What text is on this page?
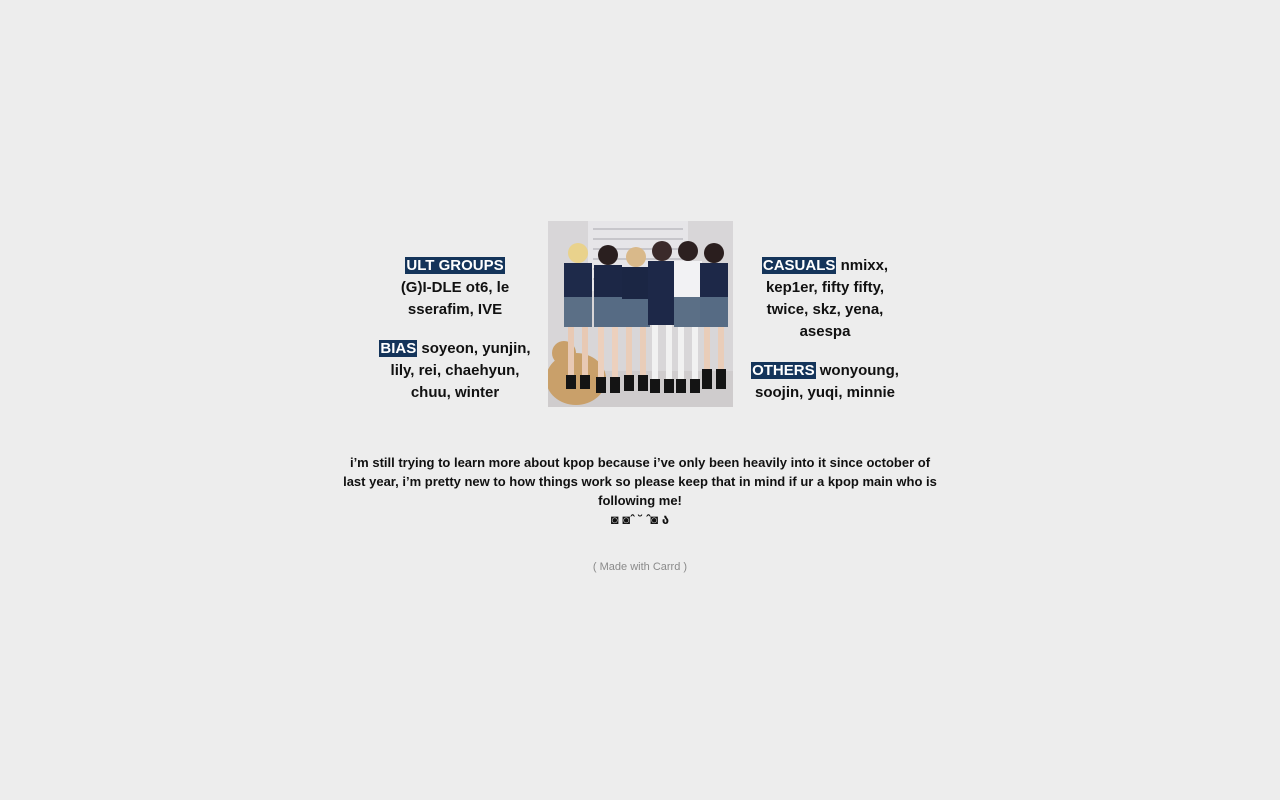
ULT GROUPS
(G)I-DLE ot6, le sserafim, IVE

BIAS soyeon, yunjin, lily, rei, chaehyun, chuu, winter

CASUALS nmixx, kep1er, fifty fifty, twice, skz, yena, asespa

OTHERS wonyoung, soojin, yuqi, minnie

i’m still trying to learn more about kpop because i’ve only been heavily into it since october of last year, i’m pretty new to how things work so please keep that in mind if ur a kpop main who is following me!

◙ ◙ˆ ˘ ˆ◙ ა

( Made with Carrd )
